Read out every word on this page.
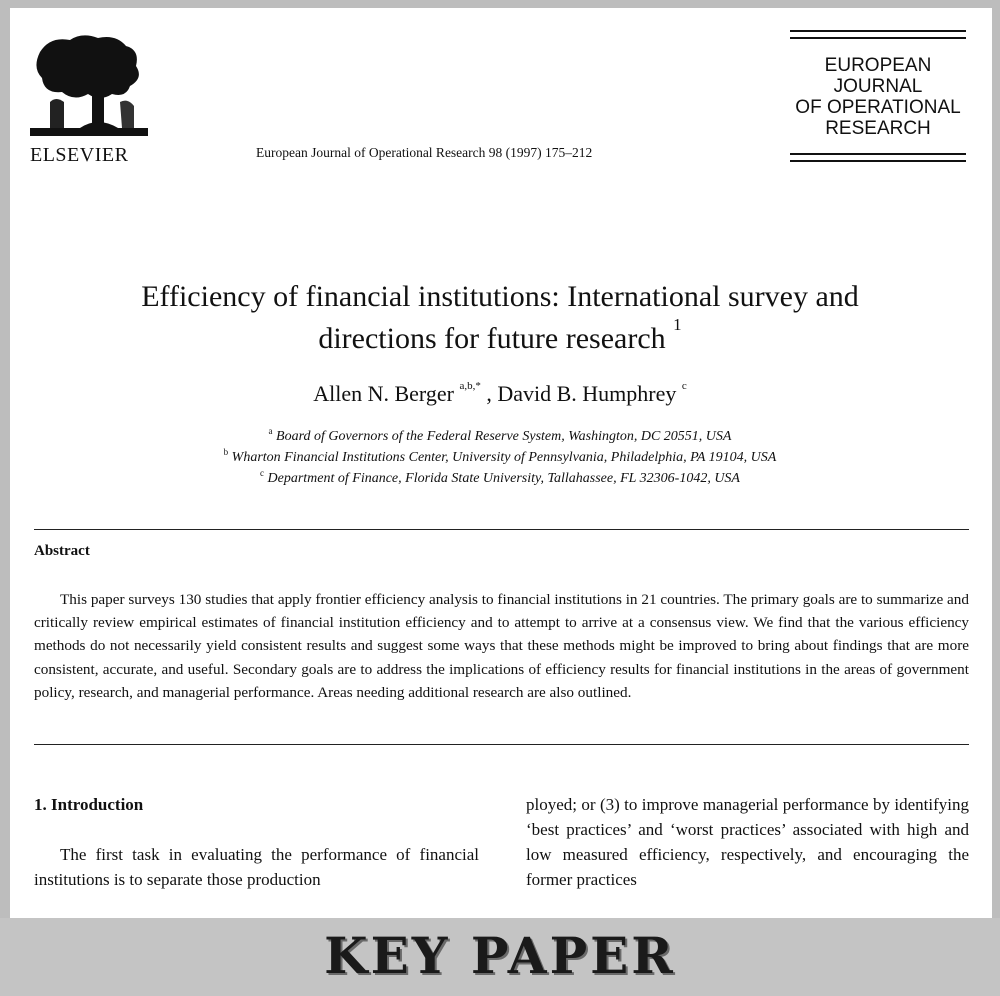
ELSEVIER	European Journal of Operational Research 98 (1997) 175–212
EUROPEAN
JOURNAL
OF OPERATIONAL
RESEARCH
Efficiency of financial institutions: International survey and
directions for future research $^1$
Allen N. Berger $^{a,b,*}$ , David B. Humphrey $^c$
$^a$ Board of Governors of the Federal Reserve System, Washington, DC 20551, USA
$^b$ Wharton Financial Institutions Center, University of Pennsylvania, Philadelphia, PA 19104, USA
$^c$ Department of Finance, Florida State University, Tallahassee, FL 32306-1042, USA
Abstract
This paper surveys 130 studies that apply frontier efficiency analysis to financial institutions in 21 countries. The primary goals are to summarize and critically review empirical estimates of financial institution efficiency and to attempt to arrive at a consensus view. We find that the various efficiency methods do not necessarily yield consistent results and suggest some ways that these methods might be improved to bring about findings that are more consistent, accurate, and useful. Secondary goals are to address the implications of efficiency results for financial institutions in the areas of government policy, research, and managerial performance. Areas needing additional research are also outlined.
1. Introduction
The first task in evaluating the performance of financial institutions is to separate those production
ployed; or (3) to improve managerial performance by identifying ‘best practices’ and ‘worst practices’ associated with high and low measured efficiency, respectively, and encouraging the former practices
KEY PAPER
